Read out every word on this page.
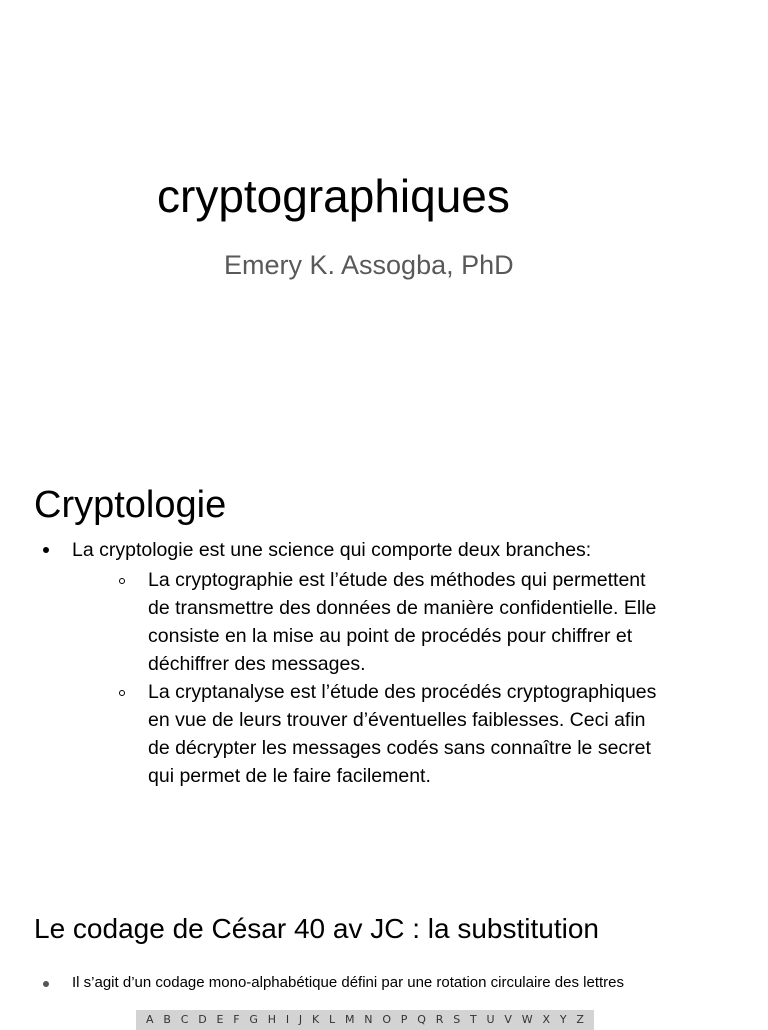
cryptographiques
Emery K. Assogba, PhD
Cryptologie
La cryptologie est une science qui comporte deux branches:
La cryptographie est l’étude des méthodes qui permettent
de transmettre des données de manière confidentielle. Elle
consiste en la mise au point de procédés pour chiffrer et
déchiffrer des messages.
La cryptanalyse est l’étude des procédés cryptographiques
en vue de leurs trouver d’éventuelles faiblesses. Ceci afin
de décrypter les messages codés sans connaître le secret
qui permet de le faire facilement.
Le codage de César 40 av JC : la substitution
Il s’agit d’un codage mono-alphabétique défini par une rotation circulaire des lettres
A B C D E F G H I J K L M N O P Q R S T U V W X Y Z
